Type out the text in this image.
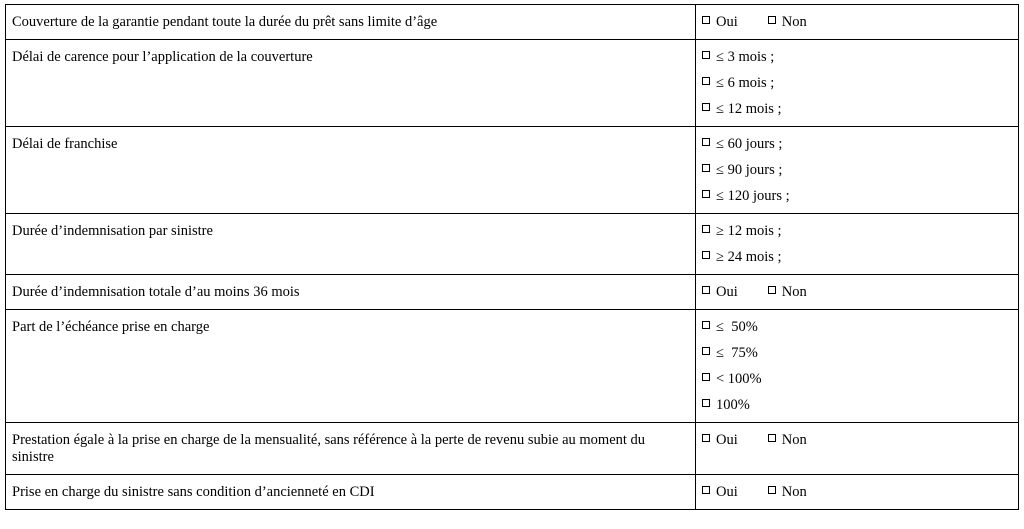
Couverture de la garantie pendant toute la durée du prêt sans limite d’âge	Oui Non

Délai de carence pour l’application de la couverture	≤ 3 mois ;
≤ 6 mois ;
≤ 12 mois ;

Délai de franchise	≤ 60 jours ;
≤ 90 jours ;
≤ 120 jours ;

Durée d’indemnisation par sinistre	≥ 12 mois ;
≥ 24 mois ;

Durée d’indemnisation totale d’au moins 36 mois	Oui Non

Part de l’échéance prise en charge	≤  50%
≤  75%
< 100%
100%

Prestation égale à la prise en charge de la mensualité, sans référence à la perte de revenu subie au moment du sinistre	Oui Non

Prise en charge du sinistre sans condition d’ancienneté en CDI	Oui Non
